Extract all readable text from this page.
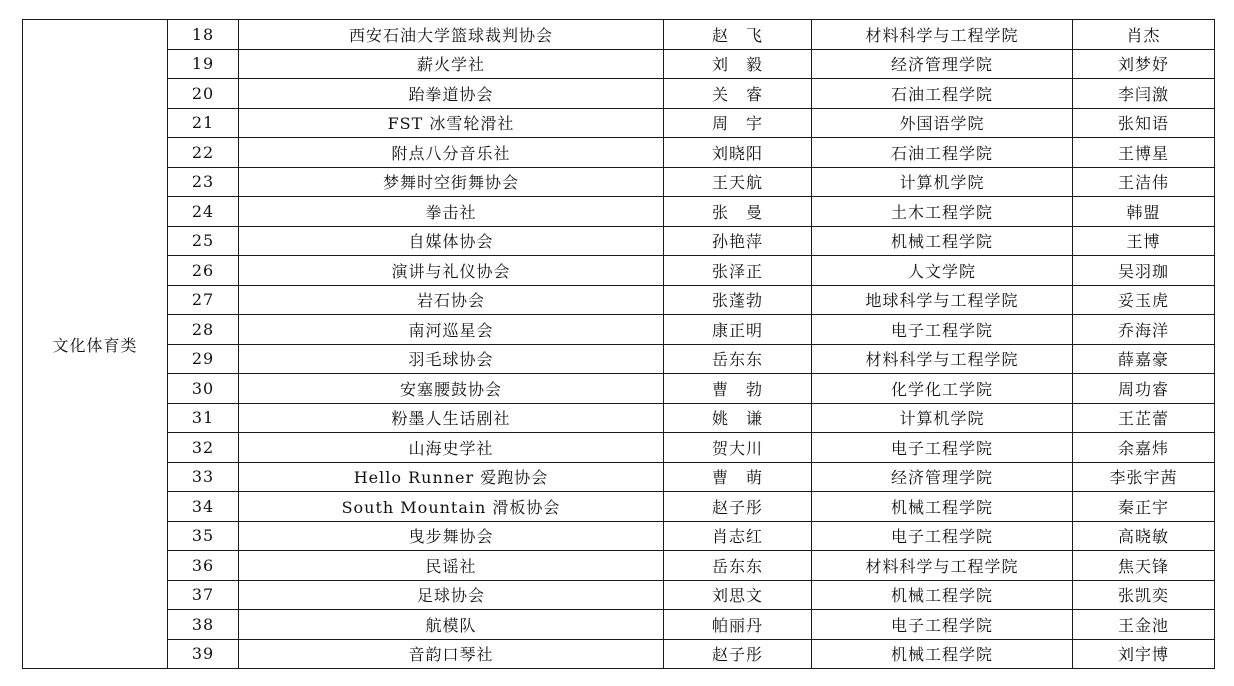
文化体育类	18	西安石油大学篮球裁判协会	赵　飞	材料科学与工程学院	肖杰
	19	薪火学社	刘　毅	经济管理学院	刘梦妤
	20	跆拳道协会	关　睿	石油工程学院	李闫激
	21	FST 冰雪轮滑社	周　宇	外国语学院	张知语
	22	附点八分音乐社	刘晓阳	石油工程学院	王博星
	23	梦舞时空街舞协会	王天航	计算机学院	王洁伟
	24	拳击社	张　曼	土木工程学院	韩盟
	25	自媒体协会	孙艳萍	机械工程学院	王博
	26	演讲与礼仪协会	张泽正	人文学院	吴羽珈
	27	岩石协会	张蓬勃	地球科学与工程学院	妥玉虎
	28	南河巡星会	康正明	电子工程学院	乔海洋
	29	羽毛球协会	岳东东	材料科学与工程学院	薛嘉豪
	30	安塞腰鼓协会	曹　勃	化学化工学院	周功睿
	31	粉墨人生话剧社	姚　谦	计算机学院	王芷蕾
	32	山海史学社	贺大川	电子工程学院	余嘉炜
	33	Hello Runner 爱跑协会	曹　萌	经济管理学院	李张宇茜
	34	South Mountain 滑板协会	赵子彤	机械工程学院	秦正宇
	35	曳步舞协会	肖志红	电子工程学院	高晓敏
	36	民谣社	岳东东	材料科学与工程学院	焦天锋
	37	足球协会	刘思文	机械工程学院	张凯奕
	38	航模队	帕丽丹	电子工程学院	王金池
	39	音韵口琴社	赵子彤	机械工程学院	刘宇博
